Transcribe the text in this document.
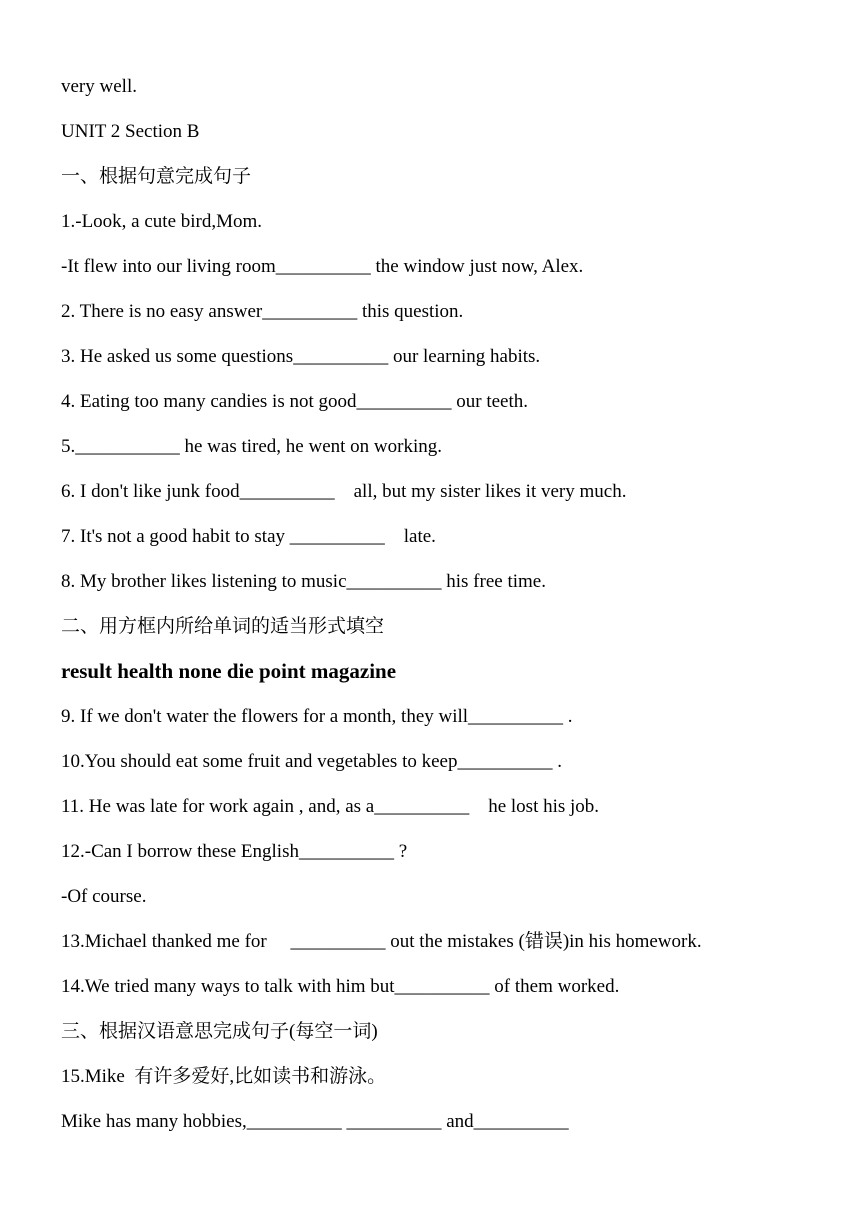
very well.
UNIT 2 Section B
一、根据句意完成句子
1.-Look, a cute bird,Mom.
-It flew into our living room__________ the window just now, Alex.
2. There is no easy answer__________ this question.
3. He asked us some questions__________ our learning habits.
4. Eating too many candies is not good__________ our teeth.
5.___________ he was tired, he went on working.
6. I don't like junk food__________    all, but my sister likes it very much.
7. It's not a good habit to stay __________    late.
8. My brother likes listening to music__________ his free time.
二、用方框内所给单词的适当形式填空
result health none die point magazine
9. If we don't water the flowers for a month, they will__________ .
10.You should eat some fruit and vegetables to keep__________ .
11. He was late for work again , and, as a__________    he lost his job.
12.-Can I borrow these English__________ ?
-Of course.
13.Michael thanked me for     __________ out the mistakes (错误)in his homework.
14.We tried many ways to talk with him but__________ of them worked.
三、根据汉语意思完成句子(每空一词)
15.Mike  有许多爱好,比如读书和游泳。
Mike has many hobbies,__________ __________ and__________
